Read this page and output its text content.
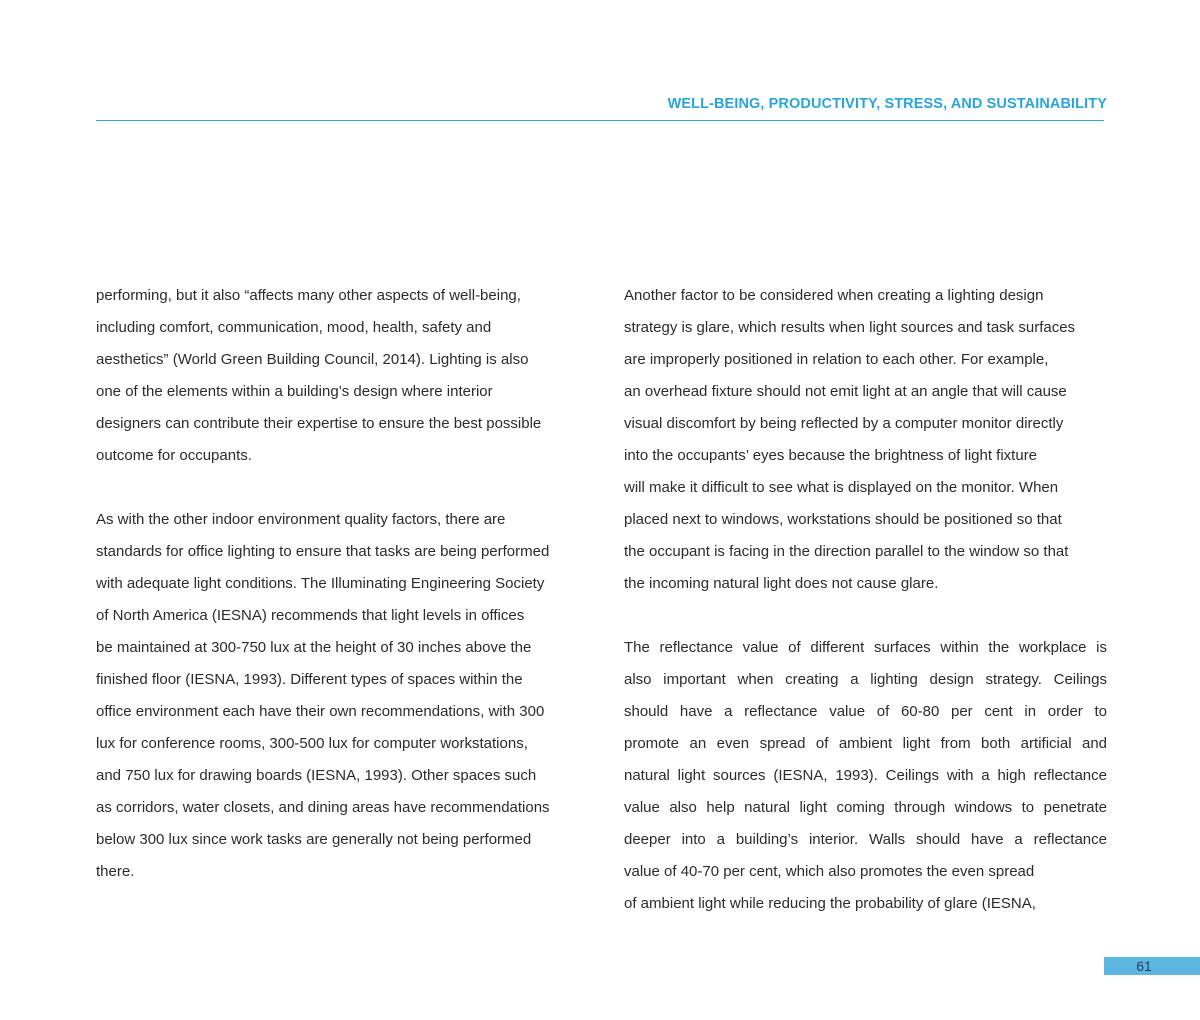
WELL-BEING, PRODUCTIVITY, STRESS, AND SUSTAINABILITY
performing, but it also “affects many other aspects of well-being,
including comfort, communication, mood, health, safety and
aesthetics” (World Green Building Council, 2014). Lighting is also
one of the elements within a building’s design where interior
designers can contribute their expertise to ensure the best possible
outcome for occupants.
As with the other indoor environment quality factors, there are
standards for office lighting to ensure that tasks are being performed
with adequate light conditions. The Illuminating Engineering Society
of North America (IESNA) recommends that light levels in offices
be maintained at 300-750 lux at the height of 30 inches above the
finished floor (IESNA, 1993). Different types of spaces within the
office environment each have their own recommendations, with 300
lux for conference rooms, 300-500 lux for computer workstations,
and 750 lux for drawing boards (IESNA, 1993). Other spaces such
as corridors, water closets, and dining areas have recommendations
below 300 lux since work tasks are generally not being performed
there.
Another factor to be considered when creating a lighting design
strategy is glare, which results when light sources and task surfaces
are improperly positioned in relation to each other. For example,
an overhead fixture should not emit light at an angle that will cause
visual discomfort by being reflected by a computer monitor directly
into the occupants’ eyes because the brightness of light fixture
will make it difficult to see what is displayed on the monitor. When
placed next to windows, workstations should be positioned so that
the occupant is facing in the direction parallel to the window so that
the incoming natural light does not cause glare.
The reflectance value of different surfaces within the workplace is
also important when creating a lighting design strategy. Ceilings
should have a reflectance value of 60-80 per cent in order to
promote an even spread of ambient light from both artificial and
natural light sources (IESNA, 1993). Ceilings with a high reflectance
value also help natural light coming through windows to penetrate
deeper into a building’s interior. Walls should have a reflectance
value of 40-70 per cent, which also promotes the even spread
of ambient light while reducing the probability of glare (IESNA,
61
